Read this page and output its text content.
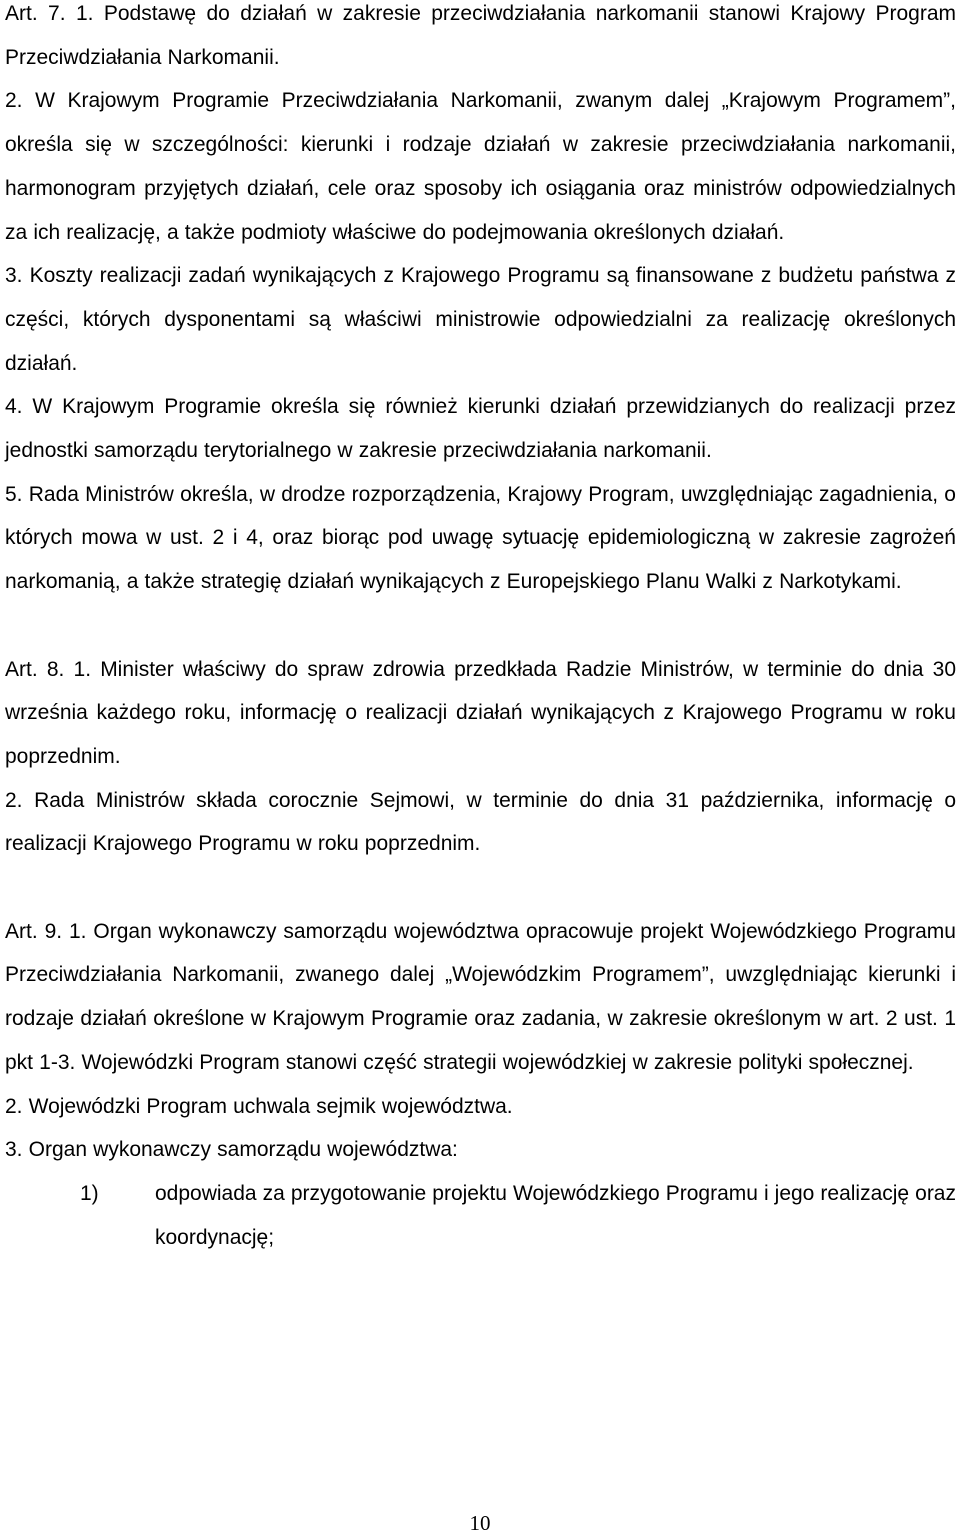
Art. 7. 1. Podstawę do działań w zakresie przeciwdziałania narkomanii stanowi Krajowy Program Przeciwdziałania Narkomanii.

2. W Krajowym Programie Przeciwdziałania Narkomanii, zwanym dalej „Krajowym Programem”, określa się w szczególności: kierunki i rodzaje działań w zakresie przeciwdziałania narkomanii, harmonogram przyjętych działań, cele oraz sposoby ich osiągania oraz ministrów odpowiedzialnych za ich realizację, a także podmioty właściwe do podejmowania określonych działań.

3. Koszty realizacji zadań wynikających z Krajowego Programu są finansowane z budżetu państwa z części, których dysponentami są właściwi ministrowie odpowiedzialni za realizację określonych działań.

4. W Krajowym Programie określa się również kierunki działań przewidzianych do realizacji przez jednostki samorządu terytorialnego w zakresie przeciwdziałania narkomanii.

5. Rada Ministrów określa, w drodze rozporządzenia, Krajowy Program, uwzględniając zagadnienia, o których mowa w ust. 2 i 4, oraz biorąc pod uwagę sytuację epidemiologiczną w zakresie zagrożeń narkomanią, a także strategię działań wynikających z Europejskiego Planu Walki z Narkotykami.

Art. 8. 1. Minister właściwy do spraw zdrowia przedkłada Radzie Ministrów, w terminie do dnia 30 września każdego roku, informację o realizacji działań wynikających z Krajowego Programu w roku poprzednim.

2. Rada Ministrów składa corocznie Sejmowi, w terminie do dnia 31 października, informację o realizacji Krajowego Programu w roku poprzednim.

Art. 9. 1. Organ wykonawczy samorządu województwa opracowuje projekt Wojewódzkiego Programu Przeciwdziałania Narkomanii, zwanego dalej „Wojewódzkim Programem”, uwzględniając kierunki i rodzaje działań określone w Krajowym Programie oraz zadania, w zakresie określonym w art. 2 ust. 1 pkt 1-3. Wojewódzki Program stanowi część strategii wojewódzkiej w zakresie polityki społecznej.

2. Wojewódzki Program uchwala sejmik województwa.

3. Organ wykonawczy samorządu województwa:

1)	odpowiada za przygotowanie projektu Wojewódzkiego Programu i jego realizację oraz koordynację;
10
